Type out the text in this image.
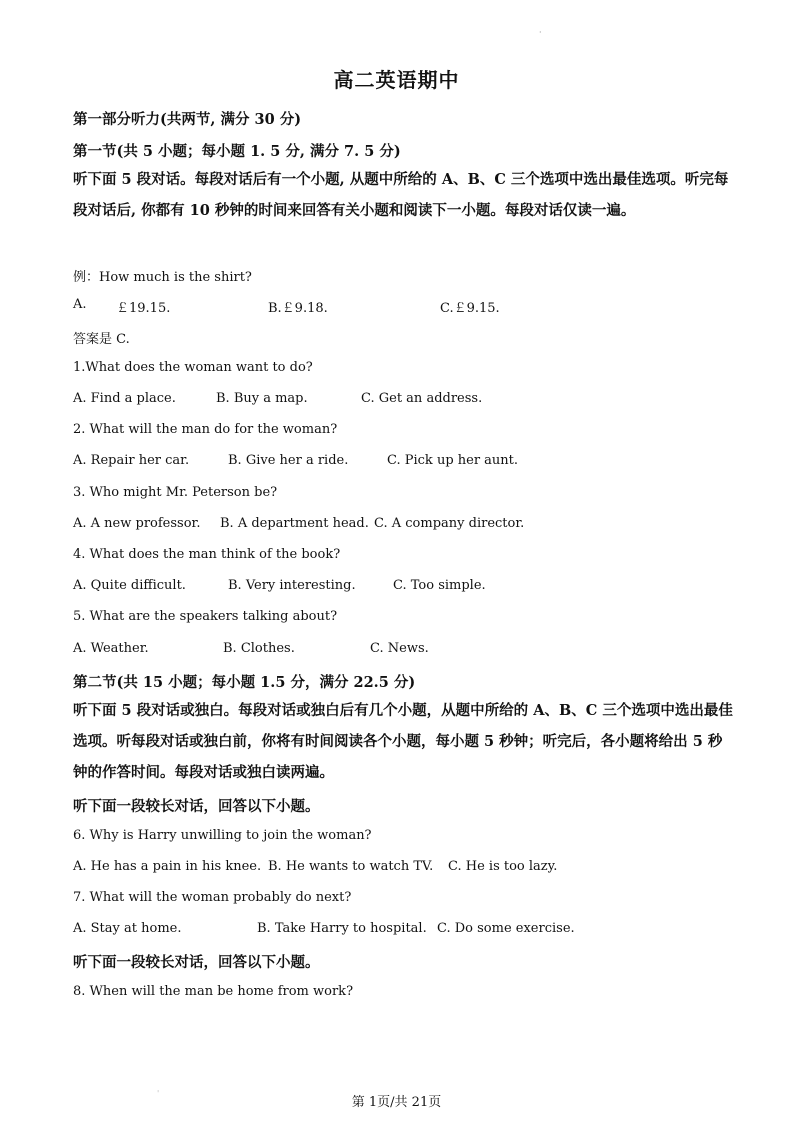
·
高二英语期中
第一部分听力(共两节, 满分 30 分)
第一节(共 5 小题；每小题 1. 5 分, 满分 7. 5 分)
听下面 5 段对话。每段对话后有一个小题, 从题中所给的 A、B、C 三个选项中选出最佳选项。听完每段对话后, 你都有 10 秒钟的时间来回答有关小题和阅读下一小题。每段对话仅读一遍。
例：How much is the shirt?
A. ￡19.15.	B.￡9.18.	C.￡9.15.
答案是 C.
1.What does the woman want to do?
A. Find a place.	B. Buy a map.	C. Get an address.
2. What will the man do for the woman?
A. Repair her car.	B. Give her a ride.	C. Pick up her aunt.
3. Who might Mr. Peterson be?
A. A new professor. B. A department head. C. A company director.
4. What does the man think of the book?
A. Quite difficult.	B. Very interesting.	C. Too simple.
5. What are the speakers talking about?
A. Weather.	B. Clothes.	C. News.
第二节(共 15 小题；每小题 1.5 分，满分 22.5 分)
听下面 5 段对话或独白。每段对话或独白后有几个小题，从题中所给的 A、B、C 三个选项中选出最佳选项。听每段对话或独白前，你将有时间阅读各个小题，每小题 5 秒钟；听完后，各小题将给出 5 秒钟的作答时间。每段对话或独白读两遍。
听下面一段较长对话，回答以下小题。
6. Why is Harry unwilling to join the woman?
A. He has a pain in his knee. B. He wants to watch TV. C. He is too lazy.
7. What will the woman probably do next?
A. Stay at home.	B. Take Harry to hospital. C. Do some exercise.
听下面一段较长对话，回答以下小题。
8. When will the man be home from work?
'
第 1页/共 21页
